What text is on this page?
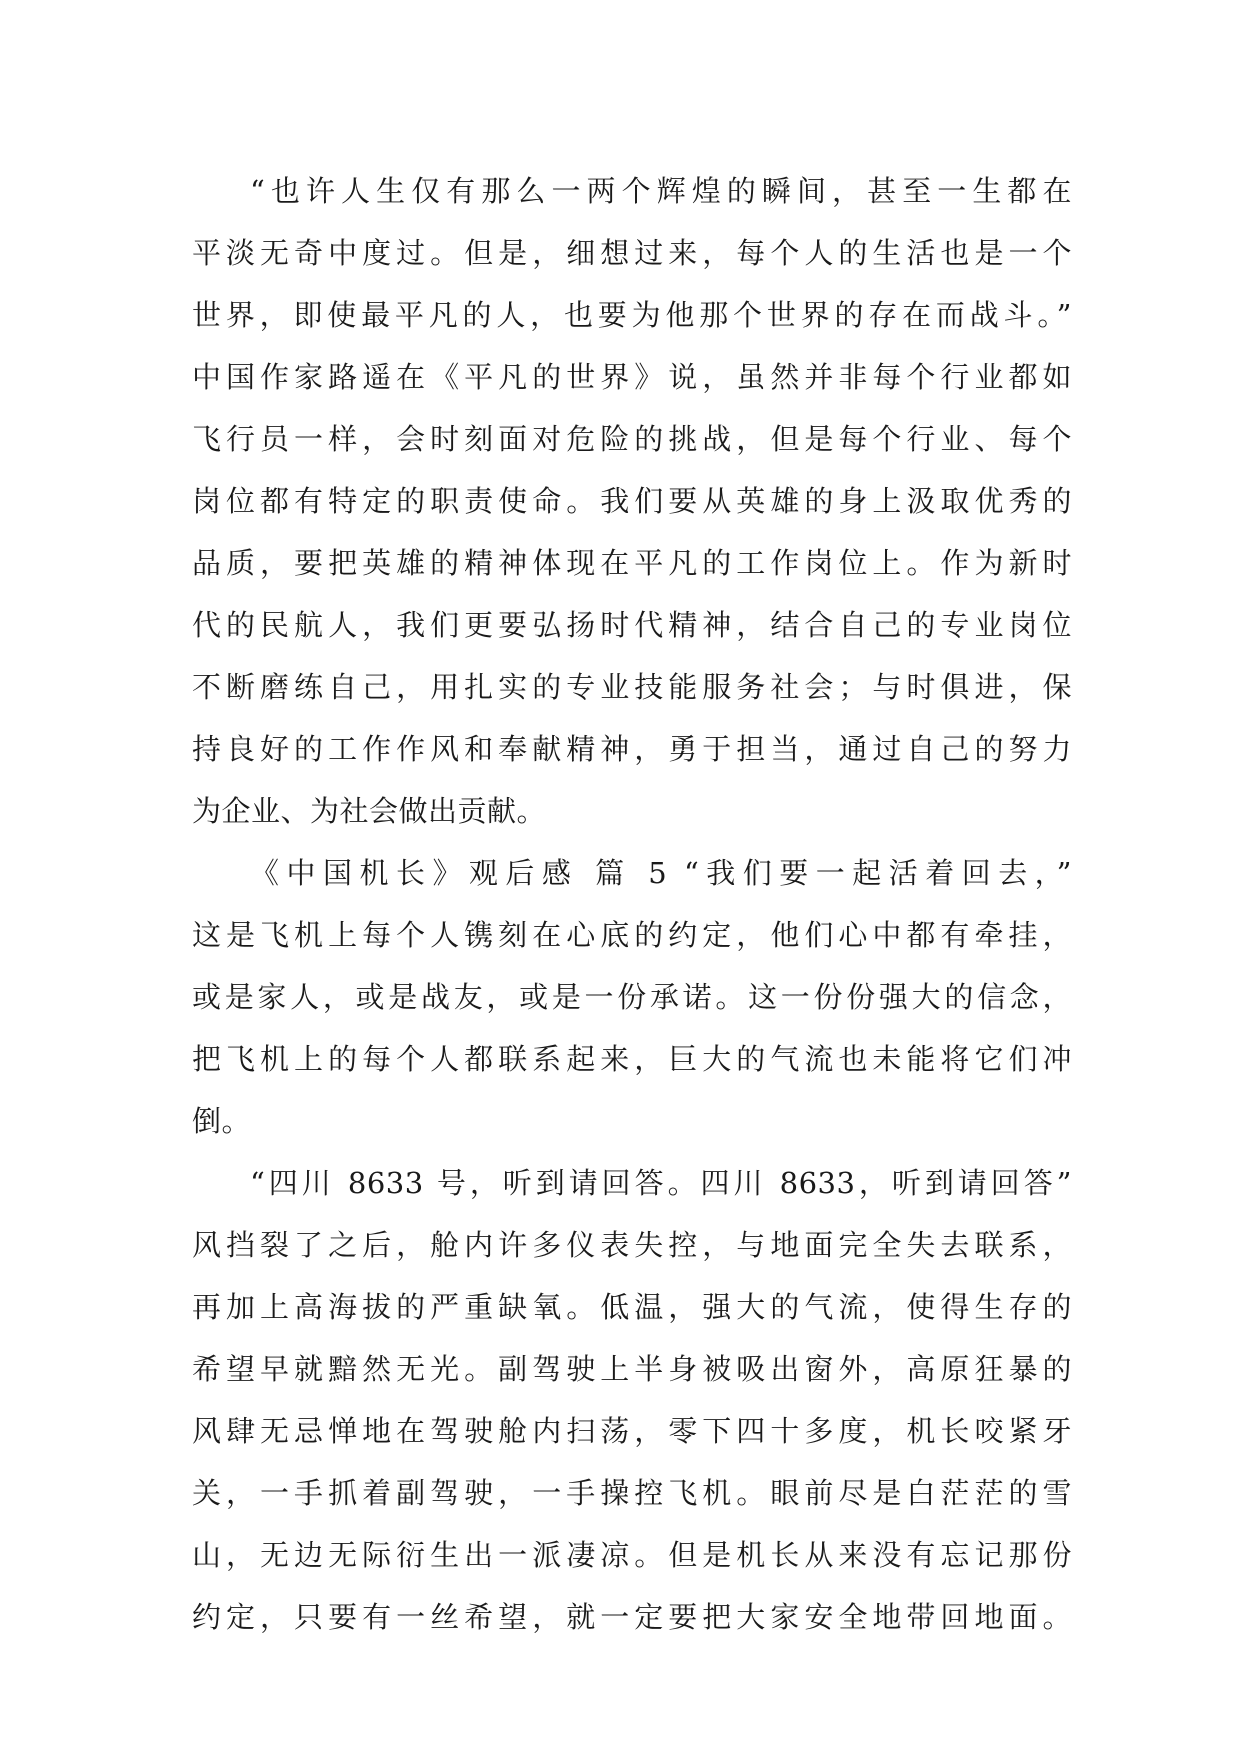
“也许人生仅有那么一两个辉煌的瞬间，甚至一生都在
平淡无奇中度过。但是，细想过来，每个人的生活也是一个
世界，即使最平凡的人，也要为他那个世界的存在而战斗。”
中国作家路遥在《平凡的世界》说，虽然并非每个行业都如
飞行员一样，会时刻面对危险的挑战，但是每个行业、每个
岗位都有特定的职责使命。我们要从英雄的身上汲取优秀的
品质，要把英雄的精神体现在平凡的工作岗位上。作为新时
代的民航人，我们更要弘扬时代精神，结合自己的专业岗位
不断磨练自己，用扎实的专业技能服务社会；与时俱进，保
持良好的工作作风和奉献精神，勇于担当，通过自己的努力
为企业、为社会做出贡献。
《中国机长》观后感 篇 5 “我们要一起活着回去，”
这是飞机上每个人镌刻在心底的约定，他们心中都有牵挂，
或是家人，或是战友，或是一份承诺。这一份份强大的信念，
把飞机上的每个人都联系起来，巨大的气流也未能将它们冲
倒。
“四川 8633 号，听到请回答。四川 8633，听到请回答”
风挡裂了之后，舱内许多仪表失控，与地面完全失去联系，
再加上高海拔的严重缺氧。低温，强大的气流，使得生存的
希望早就黯然无光。副驾驶上半身被吸出窗外，高原狂暴的
风肆无忌惮地在驾驶舱内扫荡，零下四十多度，机长咬紧牙
关，一手抓着副驾驶，一手操控飞机。眼前尽是白茫茫的雪
山，无边无际衍生出一派凄凉。但是机长从来没有忘记那份
约定，只要有一丝希望，就一定要把大家安全地带回地面。
